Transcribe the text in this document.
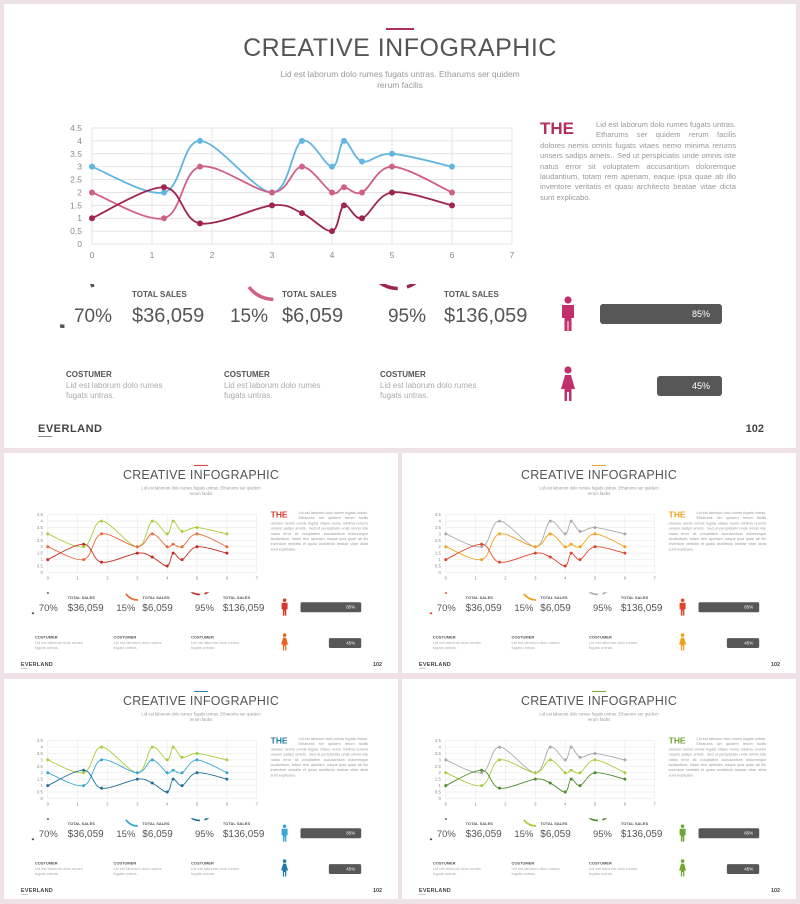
CREATIVE INFOGRAPHIC
Lid est laborum dolo rumes fugats untras. Etharums ser quidem rerum facilis
0
0.5
1
1.5
2
2.5
3
3.5
4
4.5
0	1	2	3	4	5	6	7
THE	Lid est laborum dolo rumes fugats untras. Etharums ser quidem rerum facilis dolores nemis omnis fugats vitaes nemo minima rerums unsers sadips amets.. Sed ut perspiciatis unde omnis iste natus error sit voluptatem accusantium doloremque laudantium, totam rem aperiam, eaque ipsa quae ab illo inventore veritatis et quasi architecto beatae vitae dicta sunt explicabo.
70%
TOTAL SALES
$36,059	15%
TOTAL SALES
$6,059	95%
TOTAL SALES
$136,059
COSTUMER
Lid est laborum dolo rumes fugats untras.
COSTUMER
Lid est laborum dolo rumes fugats untras.
COSTUMER
Lid est laborum dolo rumes fugats untras.
85%
45%
EVERLAND	102
CREATIVE INFOGRAPHIC
Lid est laborum dolo rumes fugats untras. Etharums ser quidem rerum facilis
0
0.5
1
1.5
2
2.5
3
3.5
4
4.5
0	1	2	3	4	5	6	7
THE Lid est laborum dolo rumes fugats untras. Etharums ser quidem rerum facilis dolores nemis omnis fugats vitaes nemo minima rerums unsers sadips amets.. Sed ut perspiciatis unde omnis iste natus error sit voluptatem accusantium doloremque laudantium, totam rem aperiam, eaque ipsa quae ab illo inventore veritatis et quasi architecto beatae vitae dicta sunt explicabo.
70%
TOTAL SALES
$36,059 15%
TOTAL SALES
$6,059	95%
TOTAL SALES
$136,059
COSTUMER
Lid est laborum dolo rumes fugats untras.
COSTUMER
Lid est laborum dolo rumes fugats untras.
COSTUMER
Lid est laborum dolo rumes fugats untras.
85%
45%
EVERLAND	102
CREATIVE INFOGRAPHIC
Lid est laborum dolo rumes fugats untras. Etharums ser quidem rerum facilis
0
0.5
1
1.5
2
2.5
3
3.5
4
4.5
0	1	2	3	4	5	6	7
THE Lid est laborum dolo rumes fugats untras. Etharums ser quidem rerum facilis dolores nemis omnis fugats vitaes nemo minima rerums unsers sadips amets.. Sed ut perspiciatis unde omnis iste natus error sit voluptatem accusantium doloremque laudantium, totam rem aperiam, eaque ipsa quae ab illo inventore veritatis et quasi architecto beatae vitae dicta sunt explicabo.
70%
TOTAL SALES
$36,059 15%
TOTAL SALES
$6,059	95%
TOTAL SALES
$136,059
COSTUMER
Lid est laborum dolo rumes fugats untras.
COSTUMER
Lid est laborum dolo rumes fugats untras.
COSTUMER
Lid est laborum dolo rumes fugats untras.
85%
45%
EVERLAND	102
CREATIVE INFOGRAPHIC
Lid est laborum dolo rumes fugats untras. Etharums ser quidem rerum facilis
0
0.5
1
1.5
2
2.5
3
3.5
4
4.5
0	1	2	3	4	5	6	7
THE Lid est laborum dolo rumes fugats untras. Etharums ser quidem rerum facilis dolores nemis omnis fugats vitaes nemo minima rerums unsers sadips amets.. Sed ut perspiciatis unde omnis iste natus error sit voluptatem accusantium doloremque laudantium, totam rem aperiam, eaque ipsa quae ab illo inventore veritatis et quasi architecto beatae vitae dicta sunt explicabo.
70%
TOTAL SALES
$36,059 15%
TOTAL SALES
$6,059	95%
TOTAL SALES
$136,059
COSTUMER
Lid est laborum dolo rumes fugats untras.
COSTUMER
Lid est laborum dolo rumes fugats untras.
COSTUMER
Lid est laborum dolo rumes fugats untras.
85%
45%
EVERLAND	102
CREATIVE INFOGRAPHIC
Lid est laborum dolo rumes fugats untras. Etharums ser quidem rerum facilis
0
0.5
1
1.5
2
2.5
3
3.5
4
4.5
0	1	2	3	4	5	6	7
THE Lid est laborum dolo rumes fugats untras. Etharums ser quidem rerum facilis dolores nemis omnis fugats vitaes nemo minima rerums unsers sadips amets.. Sed ut perspiciatis unde omnis iste natus error sit voluptatem accusantium doloremque laudantium, totam rem aperiam, eaque ipsa quae ab illo inventore veritatis et quasi architecto beatae vitae dicta sunt explicabo.
70%
TOTAL SALES
$36,059 15%
TOTAL SALES
$6,059	95%
TOTAL SALES
$136,059
COSTUMER
Lid est laborum dolo rumes fugats untras.
COSTUMER
Lid est laborum dolo rumes fugats untras.
COSTUMER
Lid est laborum dolo rumes fugats untras.
85%
45%
EVERLAND	102
